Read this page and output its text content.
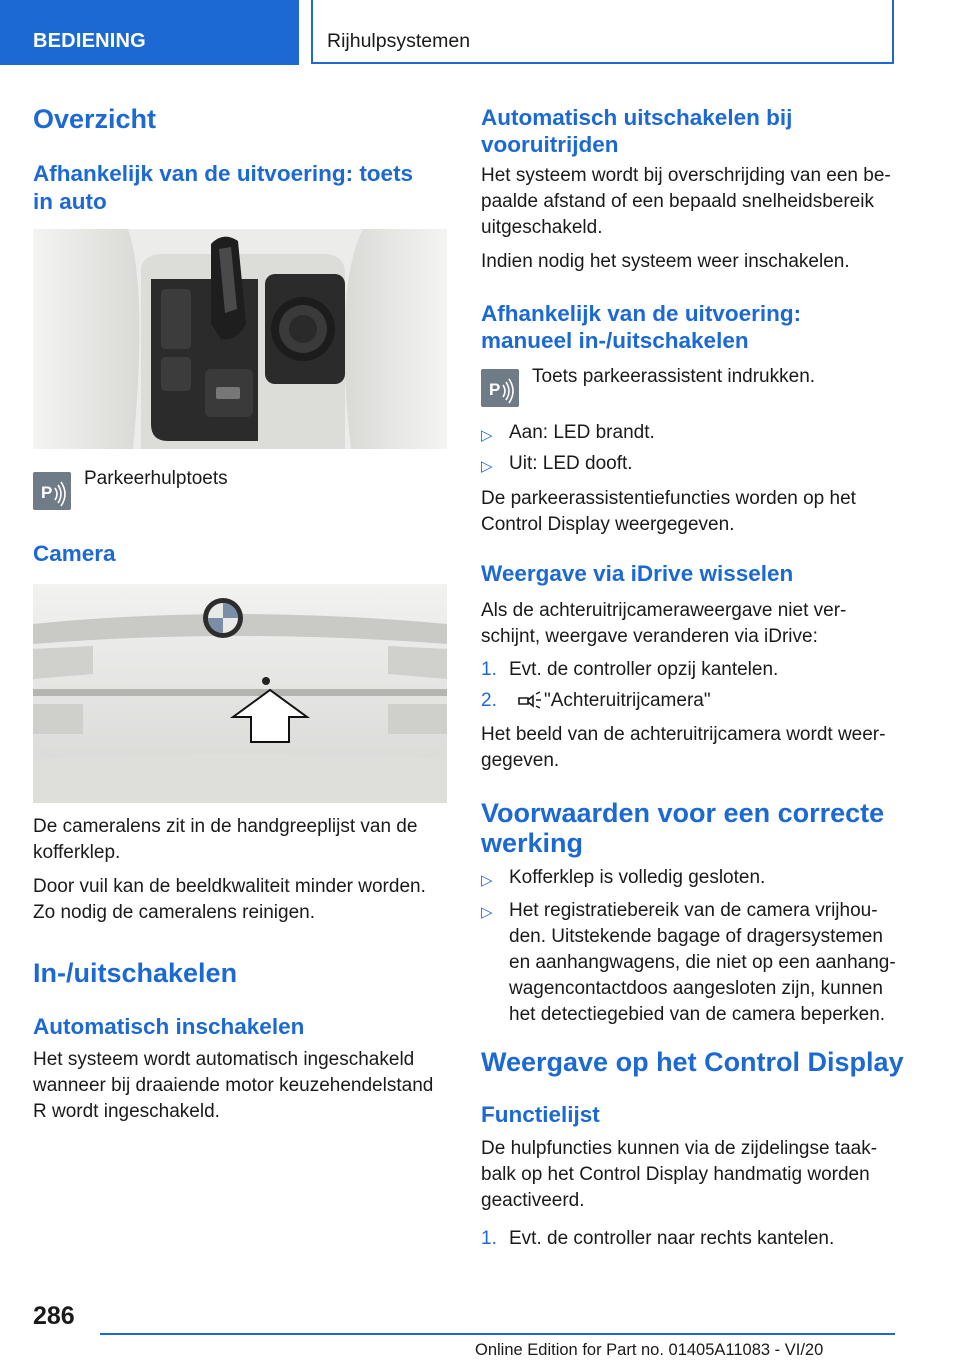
BEDIENING	Rijhulpsystemen
Overzicht
Afhankelijk van de uitvoering: toets
in auto
P
Parkeerhulptoets
Camera

De cameralens zit in de handgreeplijst van de

kofferklep.

Door vuil kan de beeldkwaliteit minder worden.

Zo nodig de cameralens reinigen.

In-/uitschakelen
Automatisch inschakelen

Het systeem wordt automatisch ingeschakeld

wanneer bij draaiende motor keuzehendelstand

R wordt ingeschakeld.

Automatisch uitschakelen bij
vooruitrijden

Het systeem wordt bij overschrijding van een be‐

paalde afstand of een bepaald snelheidsbereik

uitgeschakeld.

Indien nodig het systeem weer inschakelen.

Afhankelijk van de uitvoering:
manueel in-/uitschakelen
P
Toets parkeerassistent indrukken.
▷ Aan: LED brandt.
▷ Uit: LED dooft.

De parkeerassistentiefuncties worden op het

Control Display weergegeven.

Weergave via iDrive wisselen

Als de achteruitrijcameraweergave niet ver‐

schijnt, weergave veranderen via iDrive:

1. Evt. de controller opzij kantelen.
2. "Achteruitrijcamera"

Het beeld van de achteruitrijcamera wordt weer‐

gegeven.

Voorwaarden voor een correcte
werking
▷ Kofferklep is volledig gesloten.
▷ Het registratiebereik van de camera vrijhou‐

den. Uitstekende bagage of dragersystemen

en aanhangwagens, die niet op een aanhang‐

wagencontactdoos aangesloten zijn, kunnen

het detectiegebied van de camera beperken.

Weergave op het Control Display
Functielijst

De hulpfuncties kunnen via de zijdelingse taak‐

balk op het Control Display handmatig worden

geactiveerd.

1. Evt. de controller naar rechts kantelen.
286
Online Edition for Part no. 01405A11083 - VI/20
